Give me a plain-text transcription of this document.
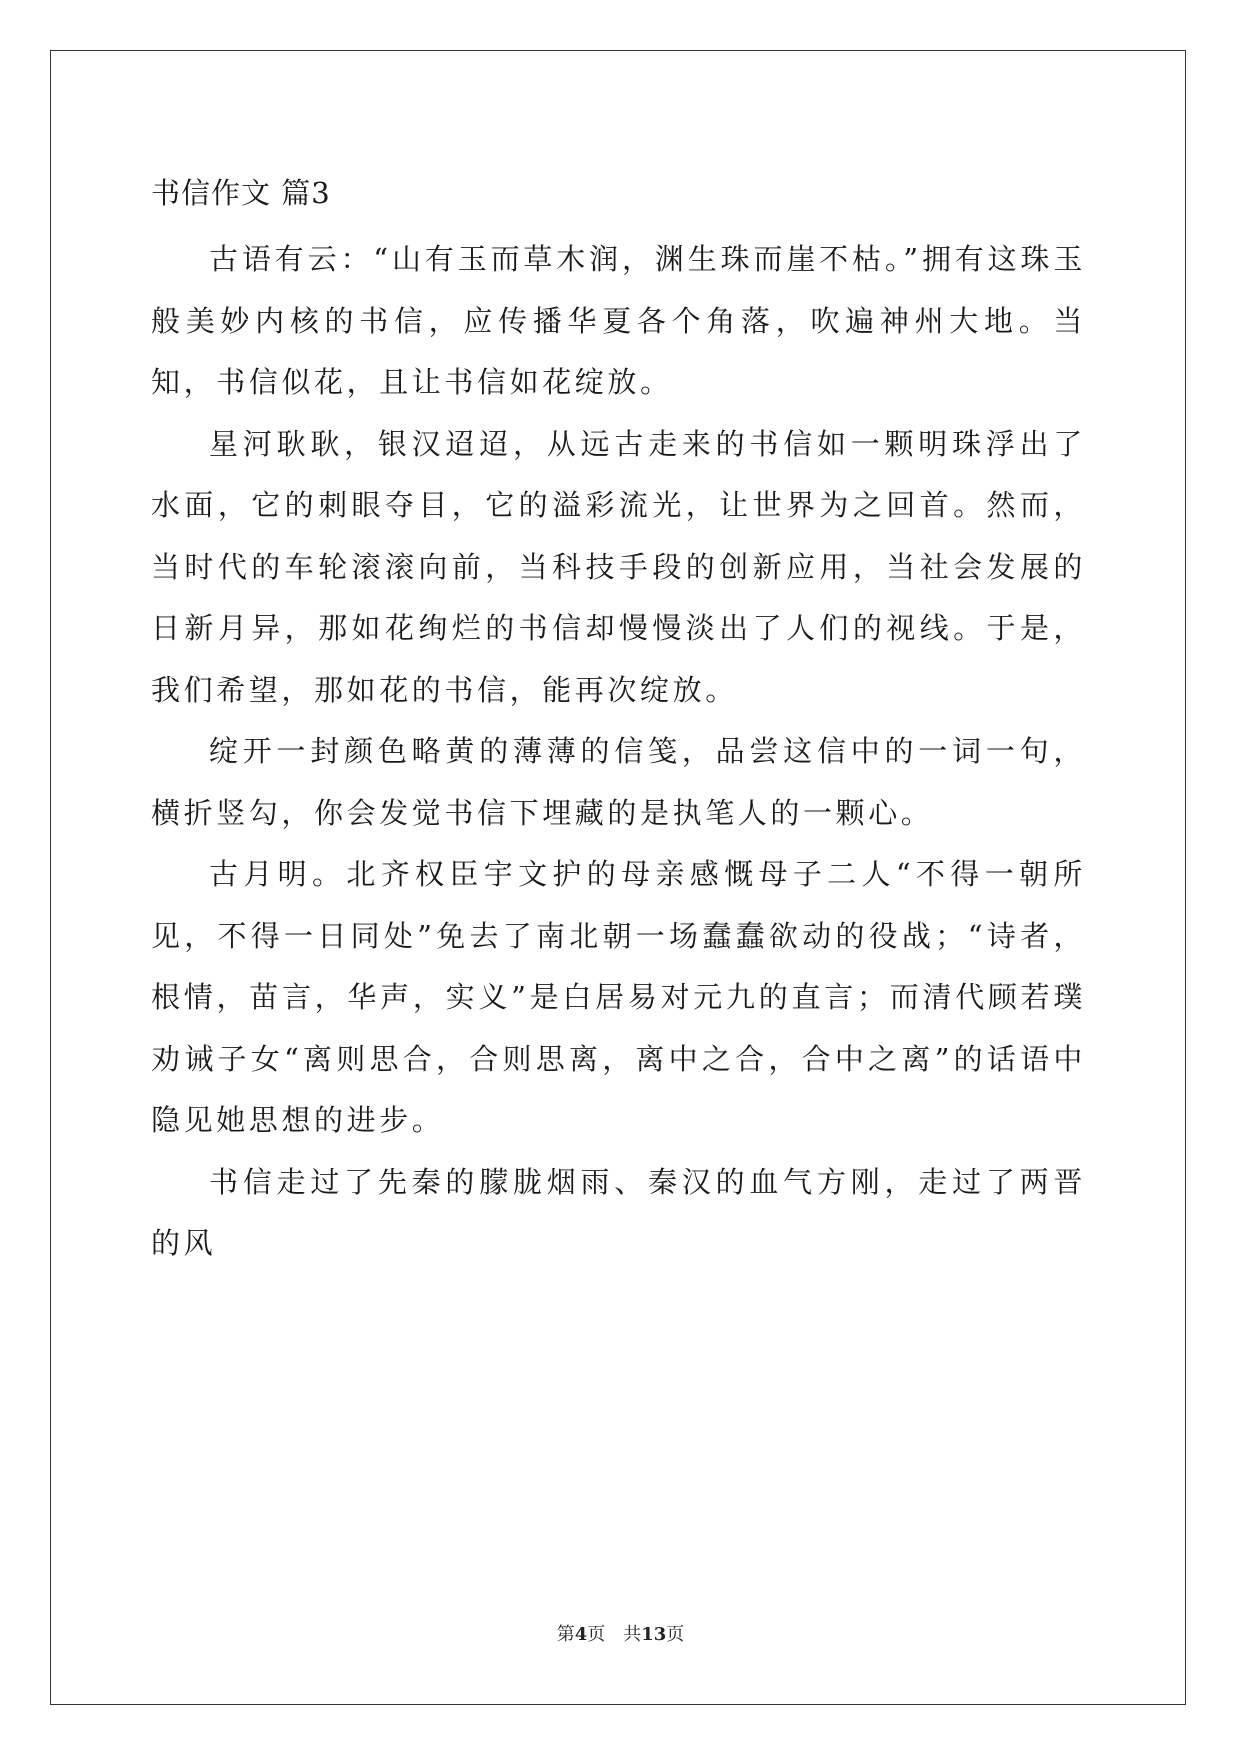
书信作文 篇3

古语有云：“山有玉而草木润，渊生珠而崖不枯。”拥有这珠玉般美妙内核的书信，应传播华夏各个角落，吹遍神州大地。当知，书信似花，且让书信如花绽放。

星河耿耿，银汉迢迢，从远古走来的书信如一颗明珠浮出了水面，它的刺眼夺目，它的溢彩流光，让世界为之回首。然而，当时代的车轮滚滚向前，当科技手段的创新应用，当社会发展的日新月异，那如花绚烂的书信却慢慢淡出了人们的视线。于是，我们希望，那如花的书信，能再次绽放。

绽开一封颜色略黄的薄薄的信笺，品尝这信中的一词一句，横折竖勾，你会发觉书信下埋藏的是执笔人的一颗心。

古月明。北齐权臣宇文护的母亲感慨母子二人“不得一朝所见，不得一日同处”免去了南北朝一场蠢蠢欲动的役战；“诗者，根情，苗言，华声，实义”是白居易对元九的直言；而清代顾若璞劝诫子女“离则思合，合则思离，离中之合，合中之离”的话语中隐见她思想的进步。

书信走过了先秦的朦胧烟雨、秦汉的血气方刚，走过了两晋的风

第4页 共13页
